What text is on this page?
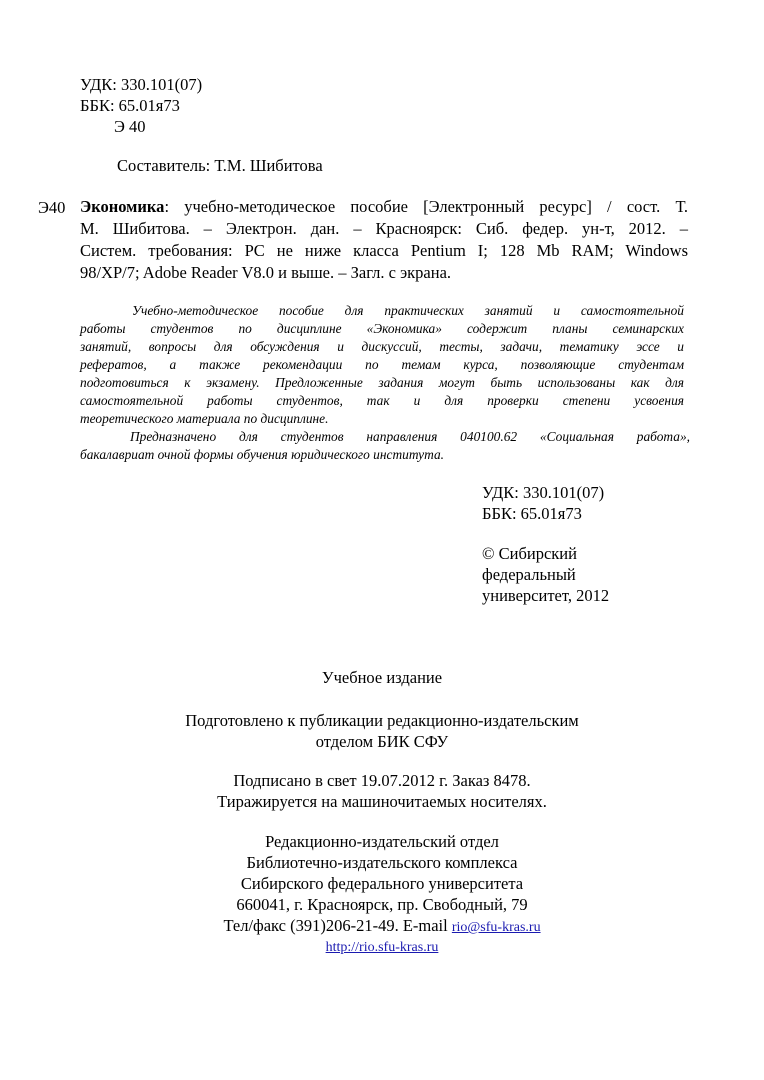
УДК: 330.101(07)
ББК: 65.01я73
Э 40
Составитель: Т.М. Шибитова
Э40 Экономика: учебно-методическое пособие [Электронный ресурс] / сост. Т.
М. Шибитова. – Электрон. дан. – Красноярск: Сиб. федер. ун-т, 2012. –
Систем. требования: PC не ниже класса Pentium I; 128 Mb RAM; Windows
98/XP/7; Adobe Reader V8.0 и выше. – Загл. с экрана.
Учебно-методическое пособие для практических занятий и самостоятельной
работы студентов по дисциплине «Экономика» содержит планы семинарских
занятий, вопросы для обсуждения и дискуссий, тесты, задачи, тематику эссе и
рефератов, а также рекомендации по темам курса, позволяющие студентам
подготовиться к экзамену. Предложенные задания могут быть использованы как для
самостоятельной работы студентов, так и для проверки степени усвоения
теоретического материала по дисциплине.
Предназначено для студентов направления 040100.62 «Социальная работа»,
бакалавриат очной формы обучения юридического института.
УДК: 330.101(07)
ББК: 65.01я73
© Сибирский
федеральный
университет, 2012
Учебное издание
Подготовлено к публикации редакционно-издательским
отделом БИК СФУ
Подписано в свет 19.07.2012 г. Заказ 8478.
Тиражируется на машиночитаемых носителях.
Редакционно-издательский отдел
Библиотечно-издательского комплекса
Сибирского федерального университета
660041, г. Красноярск, пр. Свободный, 79
Тел/факс (391)206-21-49. E-mail rio@sfu-kras.ru
http://rio.sfu-kras.ru
